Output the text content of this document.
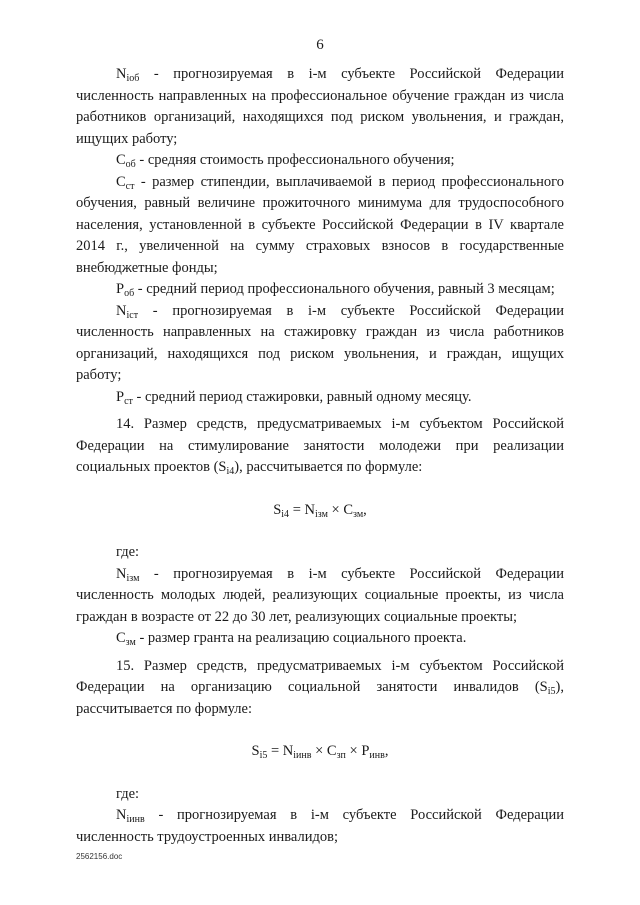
6

$N_{iоб}$ - прогнозируемая в i-м субъекте Российской Федерации численность направленных на профессиональное обучение граждан из числа работников организаций, находящихся под риском увольнения, и граждан, ищущих работу;

$С_{об}$ - средняя стоимость профессионального обучения;

$С_{ст}$ - размер стипендии, выплачиваемой в период профессионального обучения, равный величине прожиточного минимума для трудоспособного населения, установленной в субъекте Российской Федерации в IV квартале 2014 г., увеличенной на сумму страховых взносов в государственные внебюджетные фонды;

$Р_{об}$ - средний период профессионального обучения, равный 3 месяцам;

$N_{iст}$ - прогнозируемая в i-м субъекте Российской Федерации численность направленных на стажировку граждан из числа работников организаций, находящихся под риском увольнения, и граждан, ищущих работу;

$Р_{ст}$ - средний период стажировки, равный одному месяцу.

14. Размер средств, предусматриваемых i-м субъектом Российской Федерации на стимулирование занятости молодежи при реализации социальных проектов $(S_{i4})$, рассчитывается по формуле:

$S_{i4} = N_{iзм} \times С_{зм}$,

где:

$N_{iзм}$ - прогнозируемая в i-м субъекте Российской Федерации численность молодых людей, реализующих социальные проекты, из числа граждан в возрасте от 22 до 30 лет, реализующих социальные проекты;

$С_{зм}$ - размер гранта на реализацию социального проекта.

15. Размер средств, предусматриваемых i-м субъектом Российской Федерации на организацию социальной занятости инвалидов $(S_{i5})$, рассчитывается по формуле:

$S_{i5} = N_{iинв} \times С_{зп} \times Р_{инв}$,

где:

$N_{iинв}$ - прогнозируемая в i-м субъекте Российской Федерации численность трудоустроенных инвалидов;

2562156.doc
